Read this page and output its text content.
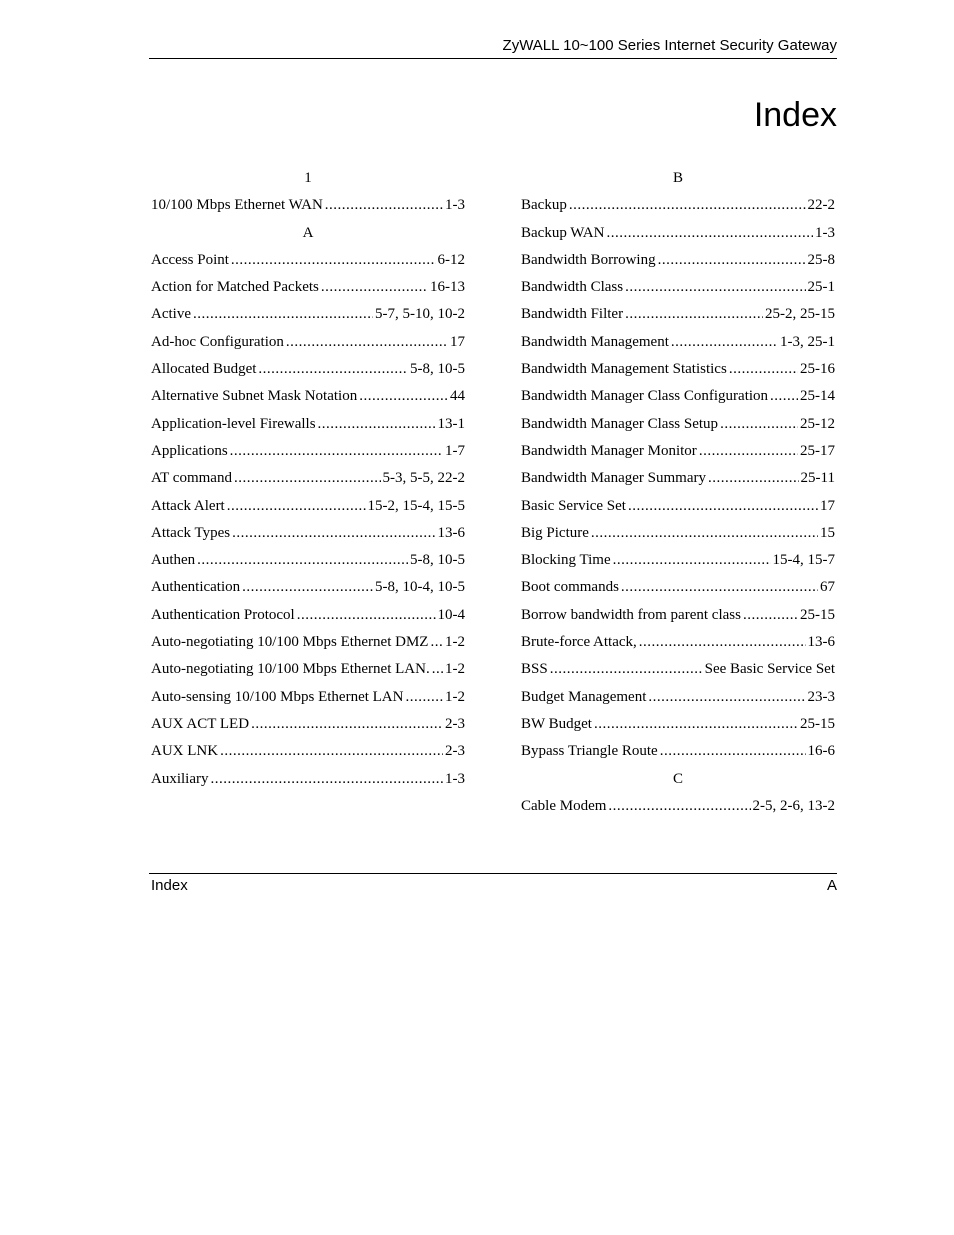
ZyWALL 10~100 Series Internet Security Gateway
Index
1
10/100 Mbps Ethernet WAN .....	1-3
A
Access Point .....	6-12
Action for Matched Packets .....	16-13
Active .....	5-7, 5-10, 10-2
Ad-hoc Configuration .....	17
Allocated Budget .....	5-8, 10-5
Alternative Subnet Mask Notation .....	44
Application-level Firewalls .....	13-1
Applications .....	1-7
AT command .....	5-3, 5-5, 22-2
Attack Alert .....	15-2, 15-4, 15-5
Attack Types .....	13-6
Authen .....	5-8, 10-5
Authentication .....	5-8, 10-4, 10-5
Authentication Protocol .....	10-4
Auto-negotiating 10/100 Mbps Ethernet DMZ ..... 1-2
Auto-negotiating 10/100 Mbps Ethernet LAN. ..... 1-2
Auto-sensing 10/100 Mbps Ethernet LAN .....	1-2
AUX ACT LED .....	2-3
AUX LNK .....	2-3
Auxiliary .....	1-3
B
Backup .....	22-2
Backup WAN .....	1-3
Bandwidth Borrowing .....	25-8
Bandwidth Class .....	25-1
Bandwidth Filter .....	25-2, 25-15
Bandwidth Management .....	1-3, 25-1
Bandwidth Management Statistics .....	25-16
Bandwidth Manager Class Configuration ..... 25-14
Bandwidth Manager Class Setup .....	25-12
Bandwidth Manager Monitor .....	25-17
Bandwidth Manager Summary .....	25-11
Basic Service Set .....	17
Big Picture .....	15
Blocking Time .....	15-4, 15-7
Boot commands .....	67
Borrow bandwidth from parent class .....	25-15
Brute-force Attack, .....	13-6
BSS .....	See Basic Service Set
Budget Management .....	23-3
BW Budget .....	25-15
Bypass Triangle Route .....	16-6
C
Cable Modem .....	2-5, 2-6, 13-2
Index	A
